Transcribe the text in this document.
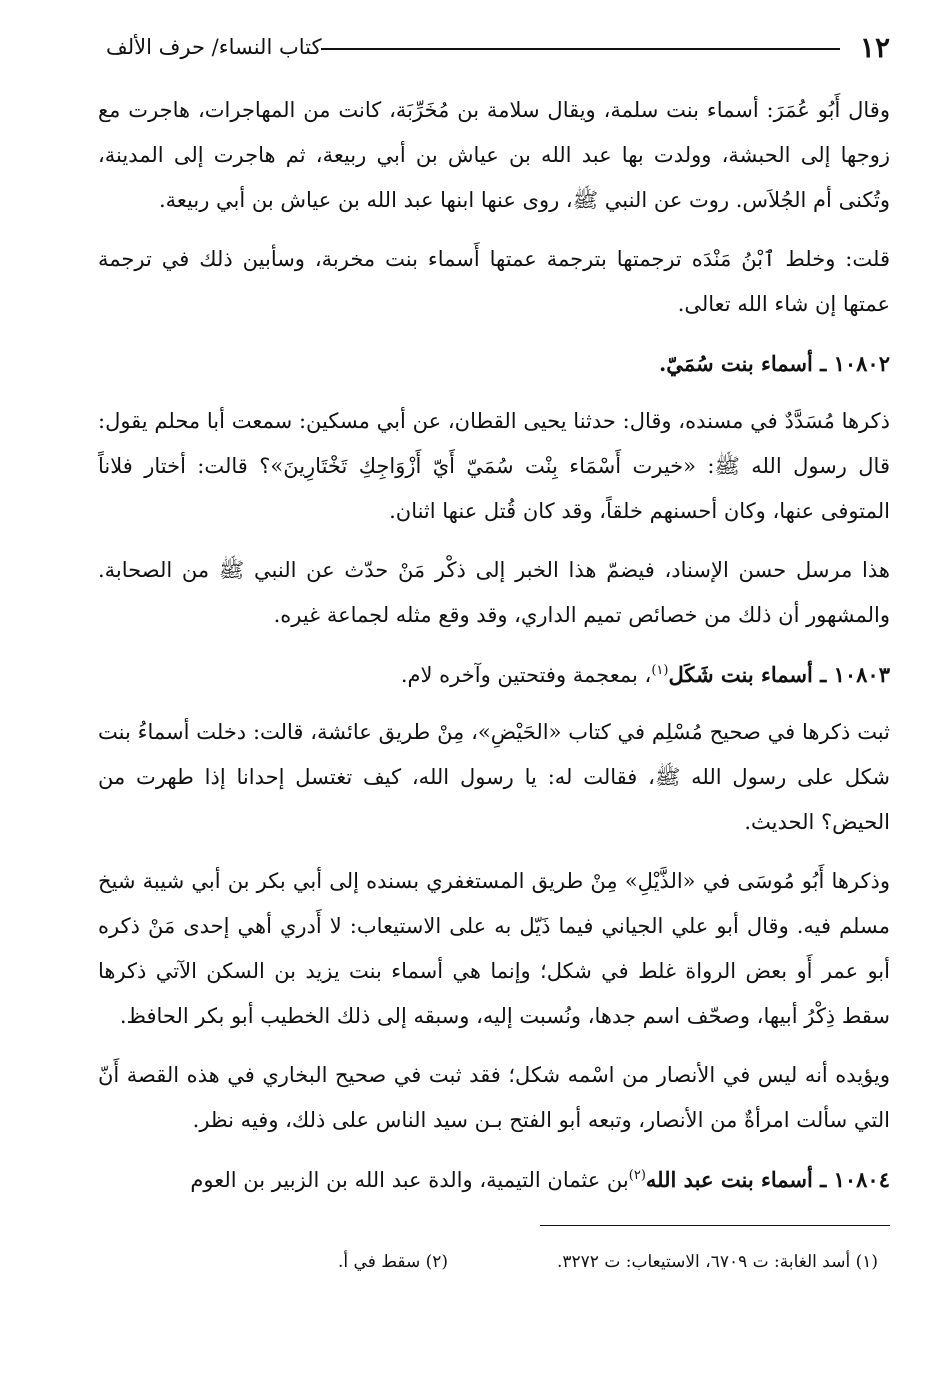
١٢
كتاب النساء/ حرف الألف

وقال أَبُو عُمَرَ: أسماء بنت سلمة، ويقال سلامة بن مُخَرِّبَة، كانت من المهاجرات، هاجرت مع زوجها إلى الحبشة، وولدت بها عبد الله بن عياش بن أبي ربيعة، ثم هاجرت إلى المدينة، وتُكنى أم الجُلاَس. روت عن النبي ﷺ، روى عنها ابنها عبد الله بن عياش بن أبي ربيعة.

قلت: وخلط ٱبْنُ مَنْدَه ترجمتها بترجمة عمتها أَسماء بنت مخربة، وسأبين ذلك في ترجمة عمتها إن شاء الله تعالى.

١٠٨٠٢ ـ أسماء بنت سُمَيّ.

ذكرها مُسَدَّدٌ في مسنده، وقال: حدثنا يحيى القطان، عن أبي مسكين: سمعت أبا محلم يقول: قال رسول الله ﷺ: «خيرت أَسْمَاء بِنْت سُمَيّ أَيّ أَزْوَاجِكِ تَخْتَارِينَ»؟ قالت: أختار فلاناً المتوفى عنها، وكان أحسنهم خلقاً، وقد كان قُتل عنها اثنان.

هذا مرسل حسن الإسناد، فيضمّ هذا الخبر إلى ذكْر مَنْ حدّث عن النبي ﷺ من الصحابة. والمشهور أن ذلك من خصائص تميم الداري، وقد وقع مثله لجماعة غيره.

١٠٨٠٣ ـ أسماء بنت شَكَل$^{(١)}$، بمعجمة وفتحتين وآخره لام.

ثبت ذكرها في صحيح مُسْلِم في كتاب «الحَيْضِ»، مِنْ طريق عائشة، قالت: دخلت أسماءُ بنت شكل على رسول الله ﷺ، فقالت له: يا رسول الله، كيف تغتسل إحدانا إذا طهرت من الحيض؟ الحديث.

وذكرها أَبُو مُوسَى في «الذَّيْلِ» مِنْ طريق المستغفري بسنده إلى أبي بكر بن أبي شيبة شيخ مسلم فيه. وقال أبو علي الجياني فيما ذَيّل به على الاستيعاب: لا أَدري أهي إحدى مَنْ ذكره أبو عمر أَو بعض الرواة غلط في شكل؛ وإنما هي أسماء بنت يزيد بن السكن الآتي ذكرها سقط ذِكْرُ أبيها، وصحّف اسم جدها، ونُسبت إليه، وسبقه إلى ذلك الخطيب أبو بكر الحافظ.

ويؤيده أنه ليس في الأنصار من اسْمه شكل؛ فقد ثبت في صحيح البخاري في هذه القصة أَنّ التي سألت امرأةٌ من الأنصار، وتبعه أبو الفتح بـن سيد الناس على ذلك، وفيه نظر.

١٠٨٠٤ ـ أسماء بنت عبد الله$^{(٢)}$بن عثمان التيمية، والدة عبد الله بن الزبير بن العوم

(١) أسد الغابة: ت ٦٧٠٩، الاستيعاب: ت ٣٢٧٢.
(٢) سقط في أ.
